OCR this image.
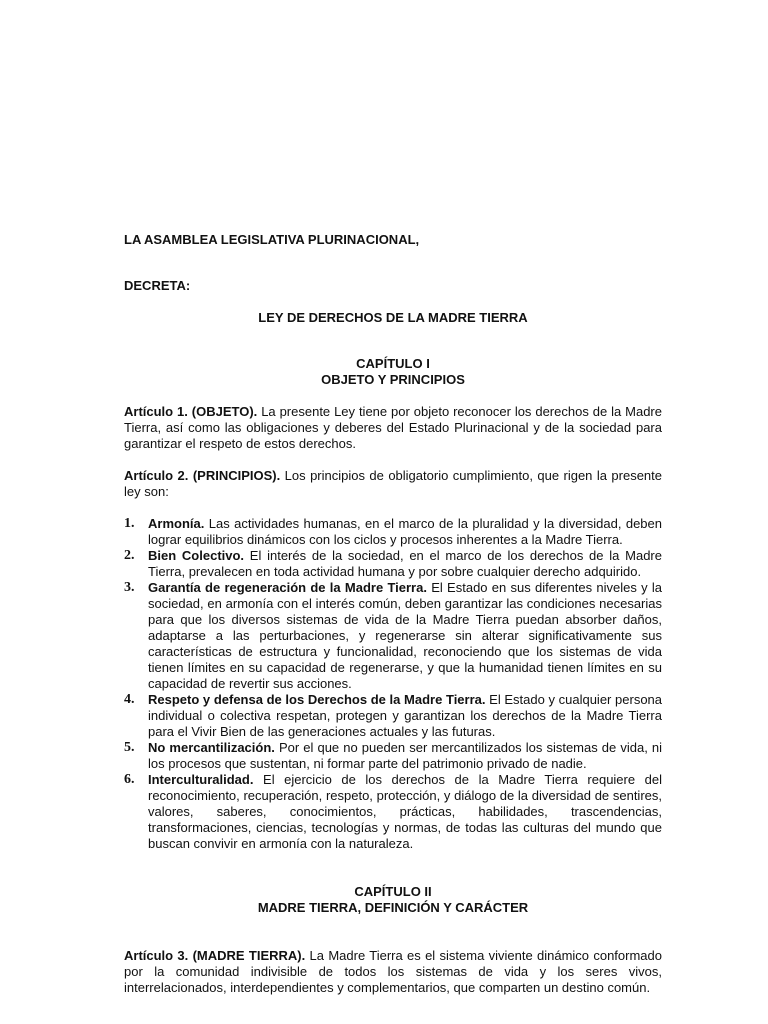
LA ASAMBLEA LEGISLATIVA PLURINACIONAL,

DECRETA:

LEY DE DERECHOS DE LA MADRE TIERRA

CAPÍTULO I

OBJETO Y PRINCIPIOS

Artículo 1. (OBJETO). La presente Ley tiene por objeto reconocer los derechos de la Madre Tierra, así como las obligaciones y deberes del Estado Plurinacional y de la sociedad para garantizar el respeto de estos derechos.

Artículo 2. (PRINCIPIOS). Los principios de obligatorio cumplimiento, que rigen la presente ley son:

1. Armonía. Las actividades humanas, en el marco de la pluralidad y la diversidad, deben lograr equilibrios dinámicos con los ciclos y procesos inherentes a la Madre Tierra.
2. Bien Colectivo. El interés de la sociedad, en el marco de los derechos de la Madre Tierra, prevalecen en toda actividad humana y por sobre cualquier derecho adquirido.
3. Garantía de regeneración de la Madre Tierra. El Estado en sus diferentes niveles y la sociedad, en armonía con el interés común, deben garantizar las condiciones necesarias para que los diversos sistemas de vida de la Madre Tierra puedan absorber daños, adaptarse a las perturbaciones, y regenerarse sin alterar significativamente sus características de estructura y funcionalidad, reconociendo que los sistemas de vida tienen límites en su capacidad de regenerarse, y que la humanidad tienen límites en su capacidad de revertir sus acciones.
4. Respeto y defensa de los Derechos de la Madre Tierra. El Estado y cualquier persona individual o colectiva respetan, protegen y garantizan los derechos de la Madre Tierra para el Vivir Bien de las generaciones actuales y las futuras.
5. No mercantilización. Por el que no pueden ser mercantilizados los sistemas de vida, ni los procesos que sustentan, ni formar parte del patrimonio privado de nadie.
6. Interculturalidad. El ejercicio de los derechos de la Madre Tierra requiere del reconocimiento, recuperación, respeto, protección, y diálogo de la diversidad de sentires, valores, saberes, conocimientos, prácticas, habilidades, trascendencias, transformaciones, ciencias, tecnologías y normas, de todas las culturas del mundo que buscan convivir en armonía con la naturaleza.

CAPÍTULO II

MADRE TIERRA, DEFINICIÓN Y CARÁCTER

Artículo 3. (MADRE TIERRA). La Madre Tierra es el sistema viviente dinámico conformado por la comunidad indivisible de todos los sistemas de vida y los seres vivos, interrelacionados, interdependientes y complementarios, que comparten un destino común.
